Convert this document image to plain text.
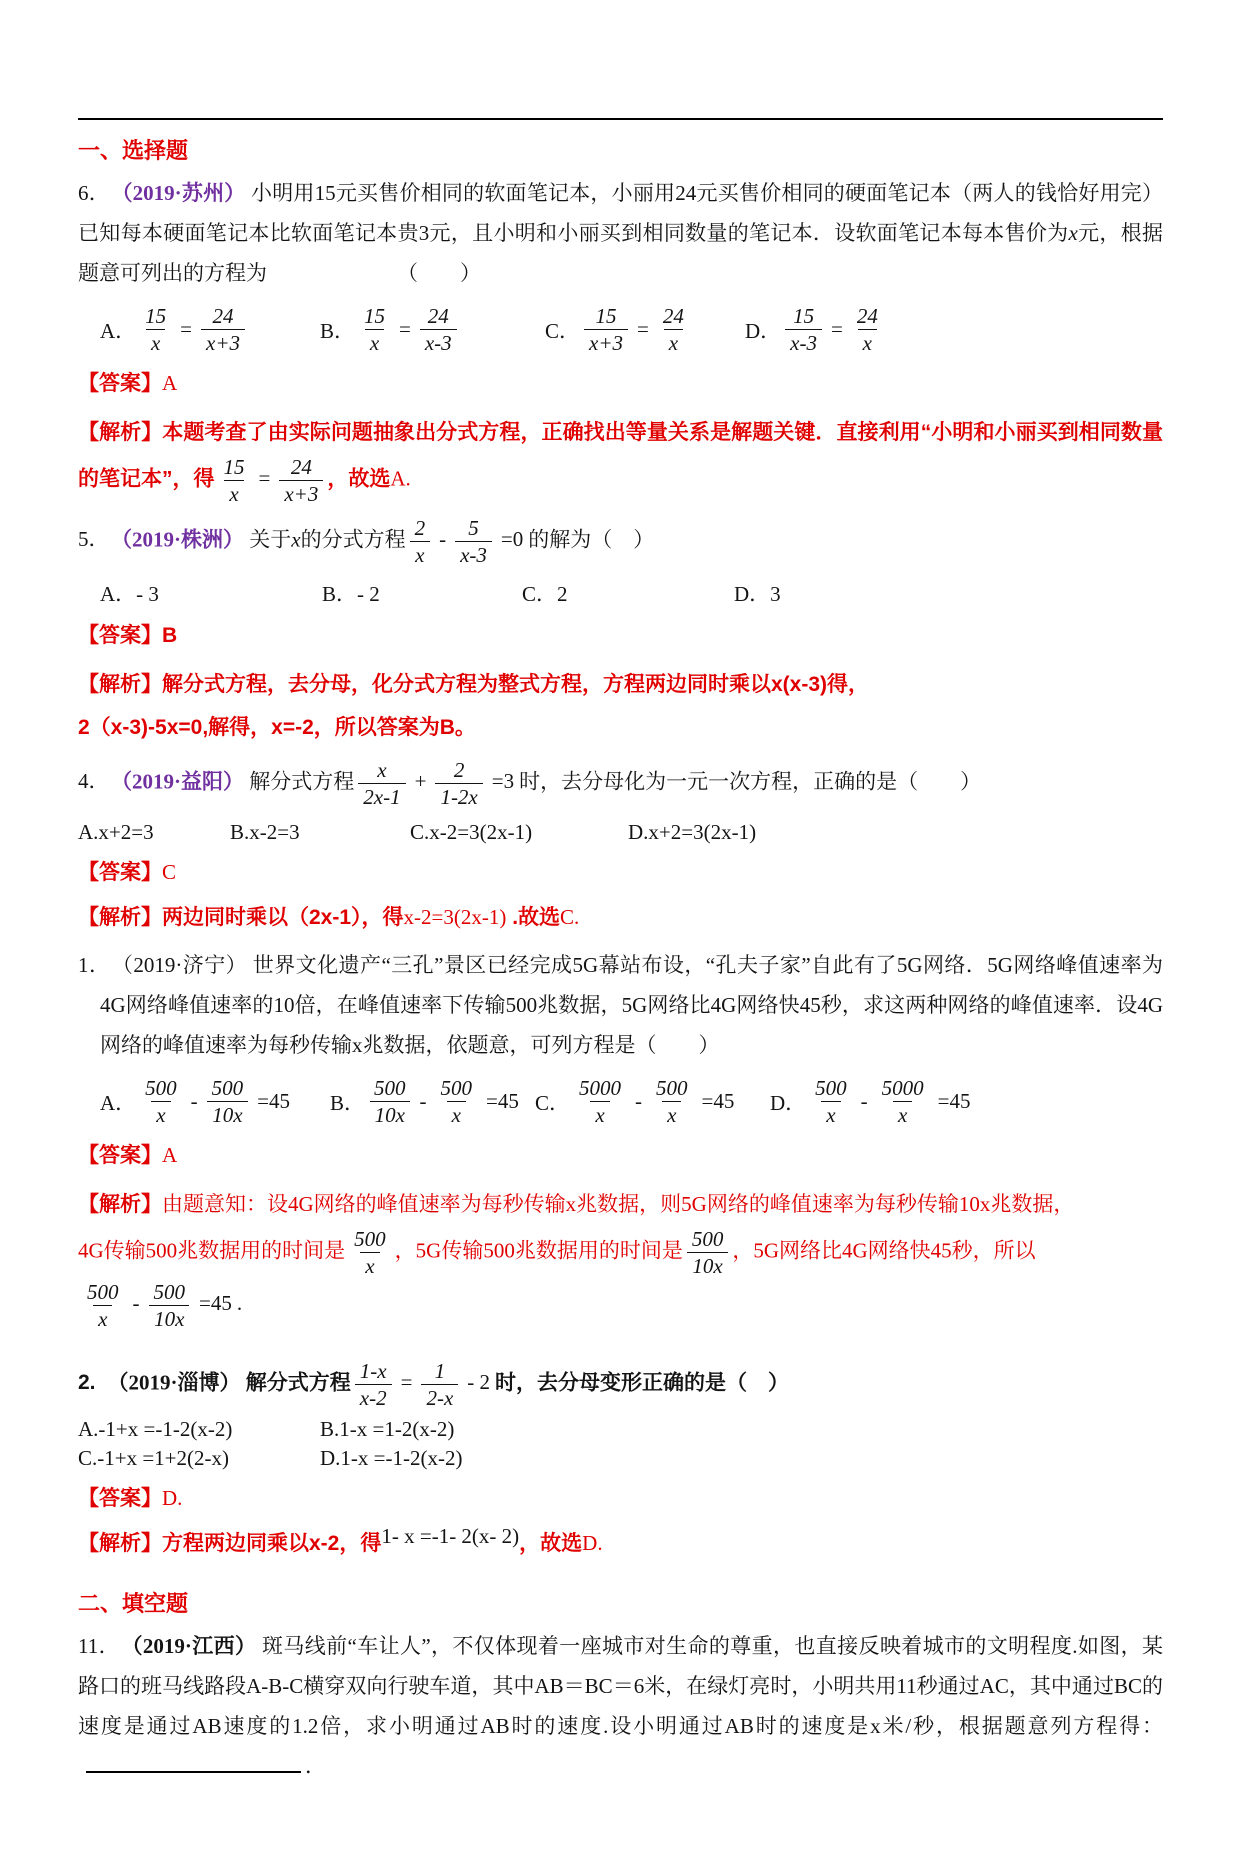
一、选择题

6． （2019·苏州） 小明用15元买售价相同的软面笔记本，小丽用24元买售价相同的硬面笔记本（两人的钱恰好用完）已知每本硬面笔记本比软面笔记本贵3元，且小明和小丽买到相同数量的笔记本．设软面笔记本每本售价为x元，根据题意可列出的方程为	（　　）

A． $\frac{15}{x} = \frac{24}{x+3}$	B． $\frac{15}{x} = \frac{24}{x-3}$	C． $\frac{15}{x+3} = \frac{24}{x}$	D． $\frac{15}{x-3} = \frac{24}{x}$

【答案】A

【解析】本题考查了由实际问题抽象出分式方程，正确找出等量关系是解题关键．直接利用“小明和小丽买到相同数量的笔记本”，得 $\frac{15}{x} = \frac{24}{x+3}$ ，故选A.

5． （2019·株洲） 关于x的分式方程 $\frac{2}{x} - \frac{5}{x-3} =0$ 的解为（　）

A．- 3	B．- 2	C．2	D．3

【答案】B

【解析】解分式方程，去分母，化分式方程为整式方程，方程两边同时乘以x(x-3)得，
2（x-3)-5x=0,解得，x=-2，所以答案为B。

4． （2019·益阳） 解分式方程 $\frac{x}{2x-1} + \frac{2}{1-2x} =3$ 时，去分母化为一元一次方程，正确的是（　　）

A.x+2=3	B.x-2=3	C.x-2=3(2x-1)	D.x+2=3(2x-1)

【答案】C

【解析】两边同时乘以（2x-1），得x-2=3(2x-1) .故选C.

1． （2019·济宁） 世界文化遗产“三孔”景区已经完成5G幕站布设，“孔夫子家”自此有了5G网络．5G网络峰值速率为4G网络峰值速率的10倍，在峰值速率下传输500兆数据，5G网络比4G网络快45秒，求这两种网络的峰值速率．设4G网络的峰值速率为每秒传输x兆数据，依题意，可列方程是（　　）

A． $\frac{500}{x} - \frac{500}{10x} =45$ B． $\frac{500}{10x} - \frac{500}{x} =45$ C． $\frac{5000}{x} - \frac{500}{x} =45$ D． $\frac{500}{x} - \frac{5000}{x} =45$

【答案】A

【解析】由题意知：设4G网络的峰值速率为每秒传输x兆数据，则5G网络的峰值速率为每秒传输10x兆数据，
4G传输500兆数据用的时间是 $\frac{500}{x}$ ，5G传输500兆数据用的时间是 $\frac{500}{10x}$ ，5G网络比4G网络快45秒，所以

$\frac{500}{x} - \frac{500}{10x} =45$ .

2. （2019·淄博） 解分式方程 $\frac{1-x}{x-2} = \frac{1}{2-x} - 2$ 时，去分母变形正确的是（　）

A.-1+x =-1-2(x-2)	B.1-x =1-2(x-2)
C.-1+x =1+2(2-x)	D.1-x =-1-2(x-2)

【答案】D.

【解析】方程两边同乘以x-2，得1- x =-1- 2(x- 2)，故选D.

二、填空题

11． （2019·江西） 斑马线前“车让人”，不仅体现着一座城市对生命的尊重，也直接反映着城市的文明程度.如图，某路口的班马线路段A-B-C横穿双向行驶车道，其中AB＝BC＝6米，在绿灯亮时，小明共用11秒通过AC，其中通过BC的速度是通过AB速度的1.2倍，求小明通过AB时的速度.设小明通过AB时的速度是x米/秒，根据题意列方程得：．
